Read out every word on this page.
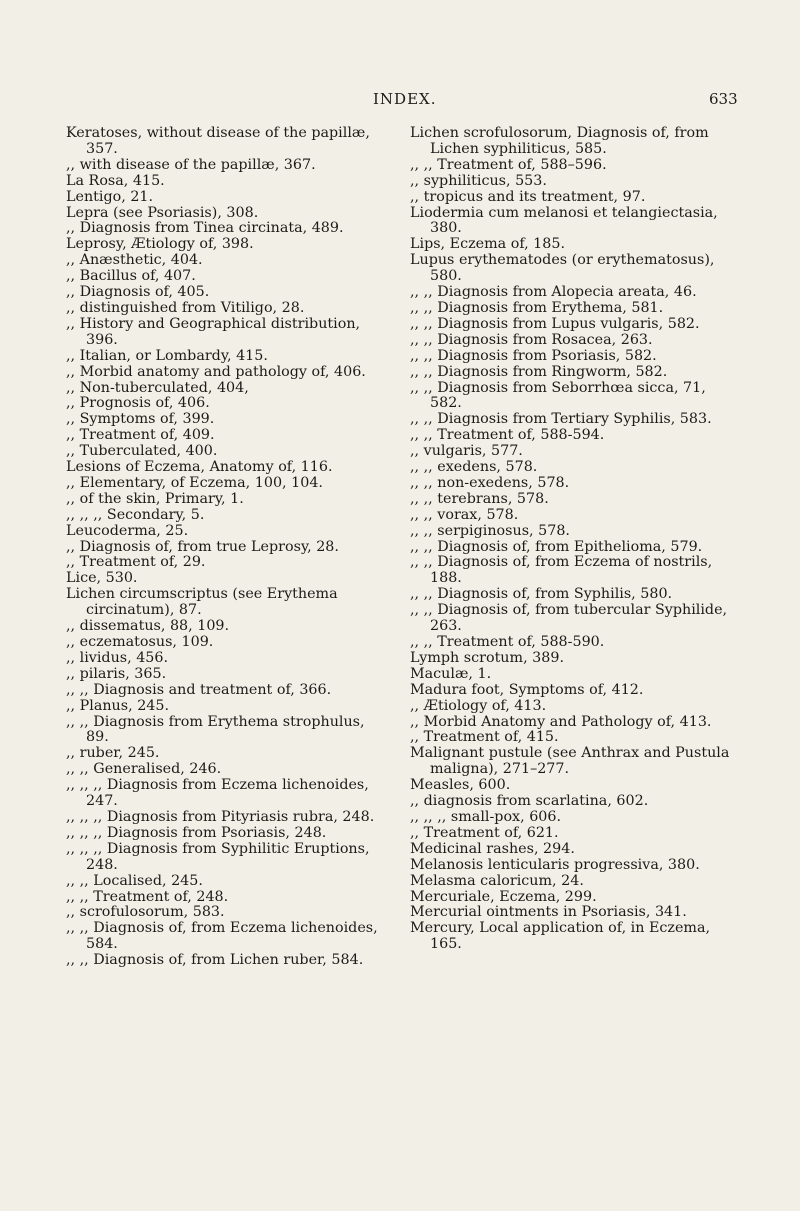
INDEX.	633

Keratoses, without disease of the papillæ, 357.

,, with disease of the papillæ, 367.

La Rosa, 415.

Lentigo, 21.

Lepra (see Psoriasis), 308.

,, Diagnosis from Tinea circinata, 489.

Leprosy, Ætiology of, 398.

,, Anæsthetic, 404.

,, Bacillus of, 407.

,, Diagnosis of, 405.

,, distinguished from Vitiligo, 28.

,, History and Geographical distribution, 396.

,, Italian, or Lombardy, 415.

,, Morbid anatomy and pathology of, 406.

,, Non-tuberculated, 404,

,, Prognosis of, 406.

,, Symptoms of, 399.

,, Treatment of, 409.

,, Tuberculated, 400.

Lesions of Eczema, Anatomy of, 116.

,, Elementary, of Eczema, 100, 104.

,, of the skin, Primary, 1.

,, ,, ,, Secondary, 5.

Leucoderma, 25.

,, Diagnosis of, from true Leprosy, 28.

,, Treatment of, 29.

Lice, 530.

Lichen circumscriptus (see Erythema circinatum), 87.

,, dissematus, 88, 109.

,, eczematosus, 109.

,, lividus, 456.

,, pilaris, 365.

,, ,, Diagnosis and treatment of, 366.

,, Planus, 245.

,, ,, Diagnosis from Erythema strophulus, 89.

,, ruber, 245.

,, ,, Generalised, 246.

,, ,, ,, Diagnosis from Eczema lichenoides, 247.

,, ,, ,, Diagnosis from Pityriasis rubra, 248.

,, ,, ,, Diagnosis from Psoriasis, 248.

,, ,, ,, Diagnosis from Syphilitic Eruptions, 248.

,, ,, Localised, 245.

,, ,, Treatment of, 248.

,, scrofulosorum, 583.

,, ,, Diagnosis of, from Eczema lichenoides, 584.

,, ,, Diagnosis of, from Lichen ruber, 584.

Lichen scrofulosorum, Diagnosis of, from Lichen syphiliticus, 585.

,, ,, Treatment of, 588–596.

,, syphiliticus, 553.

,, tropicus and its treatment, 97.

Liodermia cum melanosi et telangiectasia, 380.

Lips, Eczema of, 185.

Lupus erythematodes (or erythematosus), 580.

,, ,, Diagnosis from Alopecia areata, 46.

,, ,, Diagnosis from Erythema, 581.

,, ,, Diagnosis from Lupus vulgaris, 582.

,, ,, Diagnosis from Rosacea, 263.

,, ,, Diagnosis from Psoriasis, 582.

,, ,, Diagnosis from Ringworm, 582.

,, ,, Diagnosis from Seborrhœa sicca, 71, 582.

,, ,, Diagnosis from Tertiary Syphilis, 583.

,, ,, Treatment of, 588-594.

,, vulgaris, 577.

,, ,, exedens, 578.

,, ,, non-exedens, 578.

,, ,, terebrans, 578.

,, ,, vorax, 578.

,, ,, serpiginosus, 578.

,, ,, Diagnosis of, from Epithelioma, 579.

,, ,, Diagnosis of, from Eczema of nostrils, 188.

,, ,, Diagnosis of, from Syphilis, 580.

,, ,, Diagnosis of, from tubercular Syphilide, 263.

,, ,, Treatment of, 588-590.

Lymph scrotum, 389.

Maculæ, 1.

Madura foot, Symptoms of, 412.

,, Ætiology of, 413.

,, Morbid Anatomy and Pathology of, 413.

,, Treatment of, 415.

Malignant pustule (see Anthrax and Pustula maligna), 271–277.

Measles, 600.

,, diagnosis from scarlatina, 602.

,, ,, ,, small-pox, 606.

,, Treatment of, 621.

Medicinal rashes, 294.

Melanosis lenticularis progressiva, 380.

Melasma caloricum, 24.

Mercuriale, Eczema, 299.

Mercurial ointments in Psoriasis, 341.

Mercury, Local application of, in Eczema, 165.
